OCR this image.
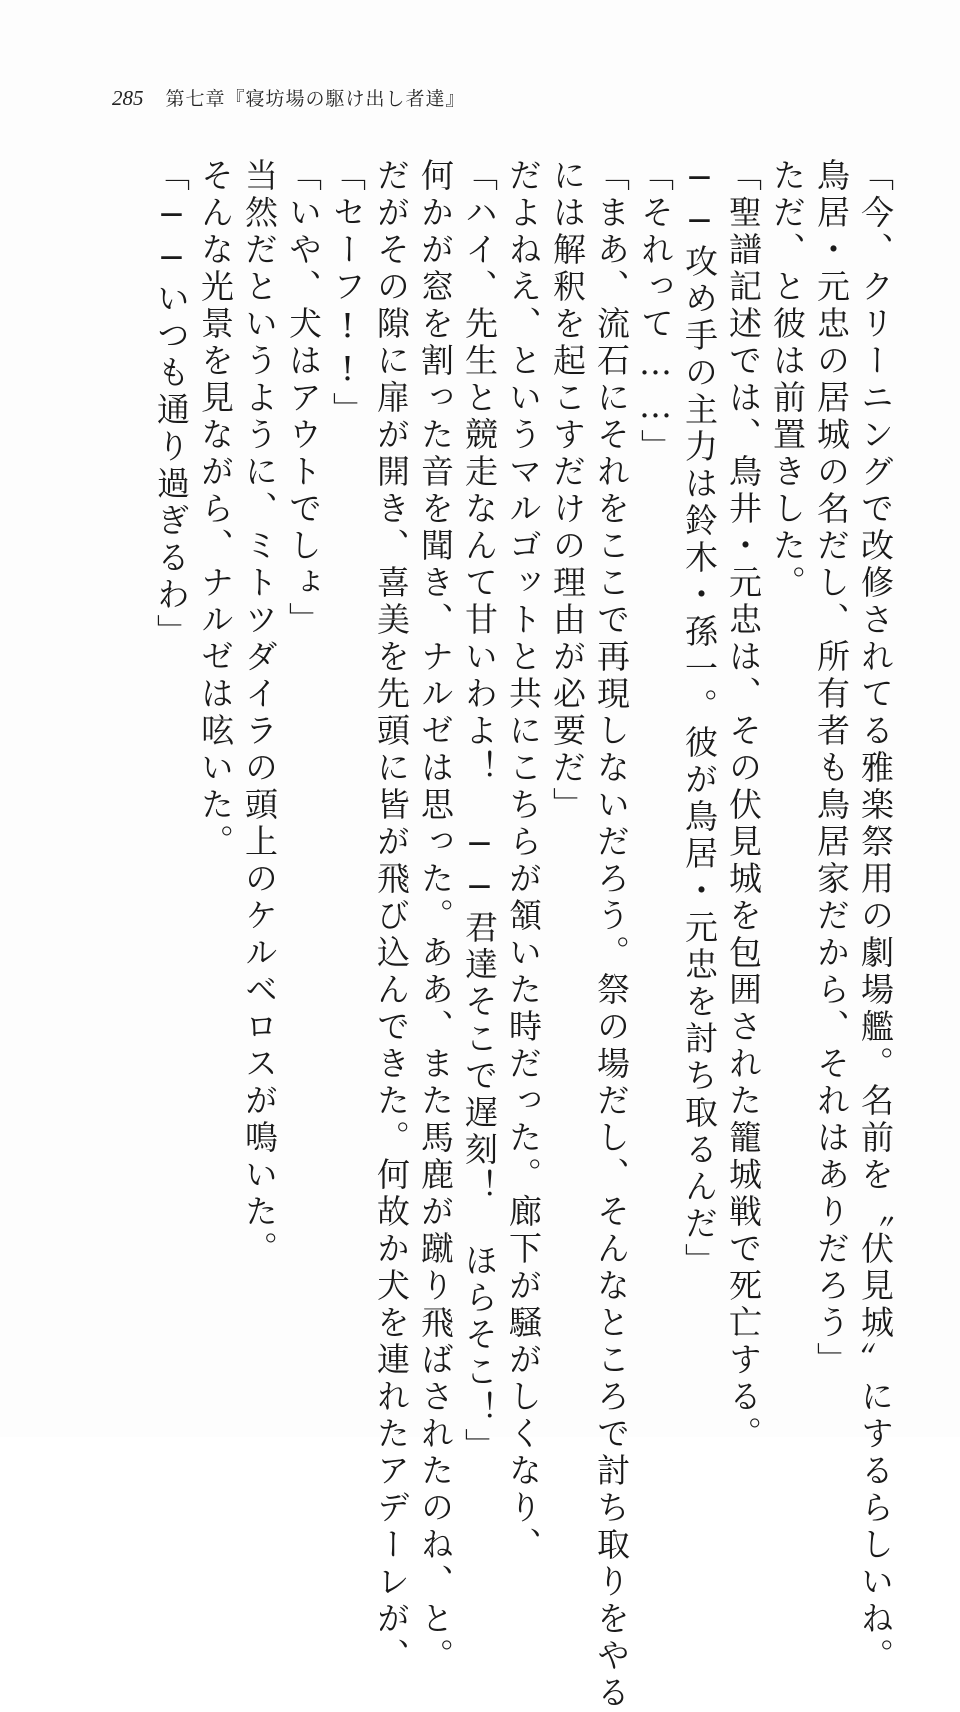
285 第七章『寝坊場の駆け出し者達』
「今、クリーニングで改修されてる雅楽祭用の劇場艦。名前を〝伏見城〟にするらしいね。
鳥居・元忠の居城の名だし、所有者も鳥居家だから、それはありだろう」
ただ、と彼は前置きした。
「聖譜記述では、鳥井・元忠は、その伏見城を包囲された籠城戦で死亡する。
──攻め手の主力は鈴木・孫一。彼が鳥居・元忠を討ち取るんだ」
「それって……」
「まあ、流石にそれをここで再現しないだろう。祭の場だし、そんなところで討ち取りをやる
には解釈を起こすだけの理由が必要だ」
だよねえ、というマルゴットと共にこちらが頷いた時だった。廊下が騒がしくなり、
「ハイ、先生と競走なんて甘いわよ！　──君達そこで遅刻！　ほらそこ！」
何かが窓を割った音を聞き、ナルゼは思った。ああ、また馬鹿が蹴り飛ばされたのね、と。
だがその隙に扉が開き、喜美を先頭に皆が飛び込んできた。何故か犬を連れたアデーレが、
「セーフ!!」
「いや、犬はアウトでしょ」
当然だというように、ミトツダイラの頭上のケルベロスが鳴いた。
そんな光景を見ながら、ナルゼは呟いた。
「──いつも通り過ぎるわ」
